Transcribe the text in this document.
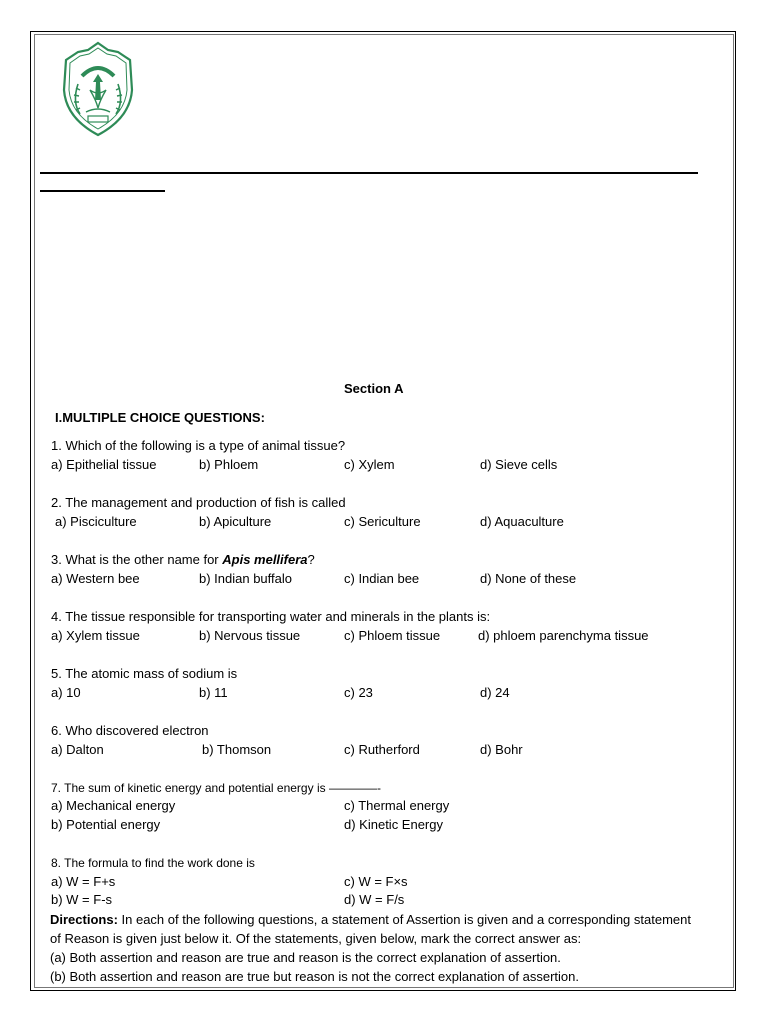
Section A
I.MULTIPLE CHOICE QUESTIONS:
1. Which of the following is a type of animal tissue?
a) Epithelial tissue	b) Phloem	c) Xylem	d) Sieve cells
2. The management and production of fish is called
a) Pisciculture	b) Apiculture	c) Sericulture	d) Aquaculture
3. What is the other name for Apis mellifera?
a) Western bee	b) Indian buffalo	c) Indian bee	d) None of these
4. The tissue responsible for transporting water and minerals in the plants is:
a) Xylem tissue	b) Nervous tissue	c) Phloem tissue	d) phloem parenchyma tissue
5. The atomic mass of sodium is
a) 10	b) 11	c) 23	d) 24
6. Who discovered electron
a) Dalton	b) Thomson	c) Rutherford	d) Bohr
7. The sum of kinetic energy and potential energy is ————-
a) Mechanical energy	c) Thermal energy
b) Potential energy	d) Kinetic Energy
8. The formula to find the work done is
a) W = F+s	c) W = F×s
b) W = F-s	d) W = F/s
Directions: In each of the following questions, a statement of Assertion is given and a corresponding statement
of Reason is given just below it. Of the statements, given below, mark the correct answer as:
(a) Both assertion and reason are true and reason is the correct explanation of assertion.
(b) Both assertion and reason are true but reason is not the correct explanation of assertion.
